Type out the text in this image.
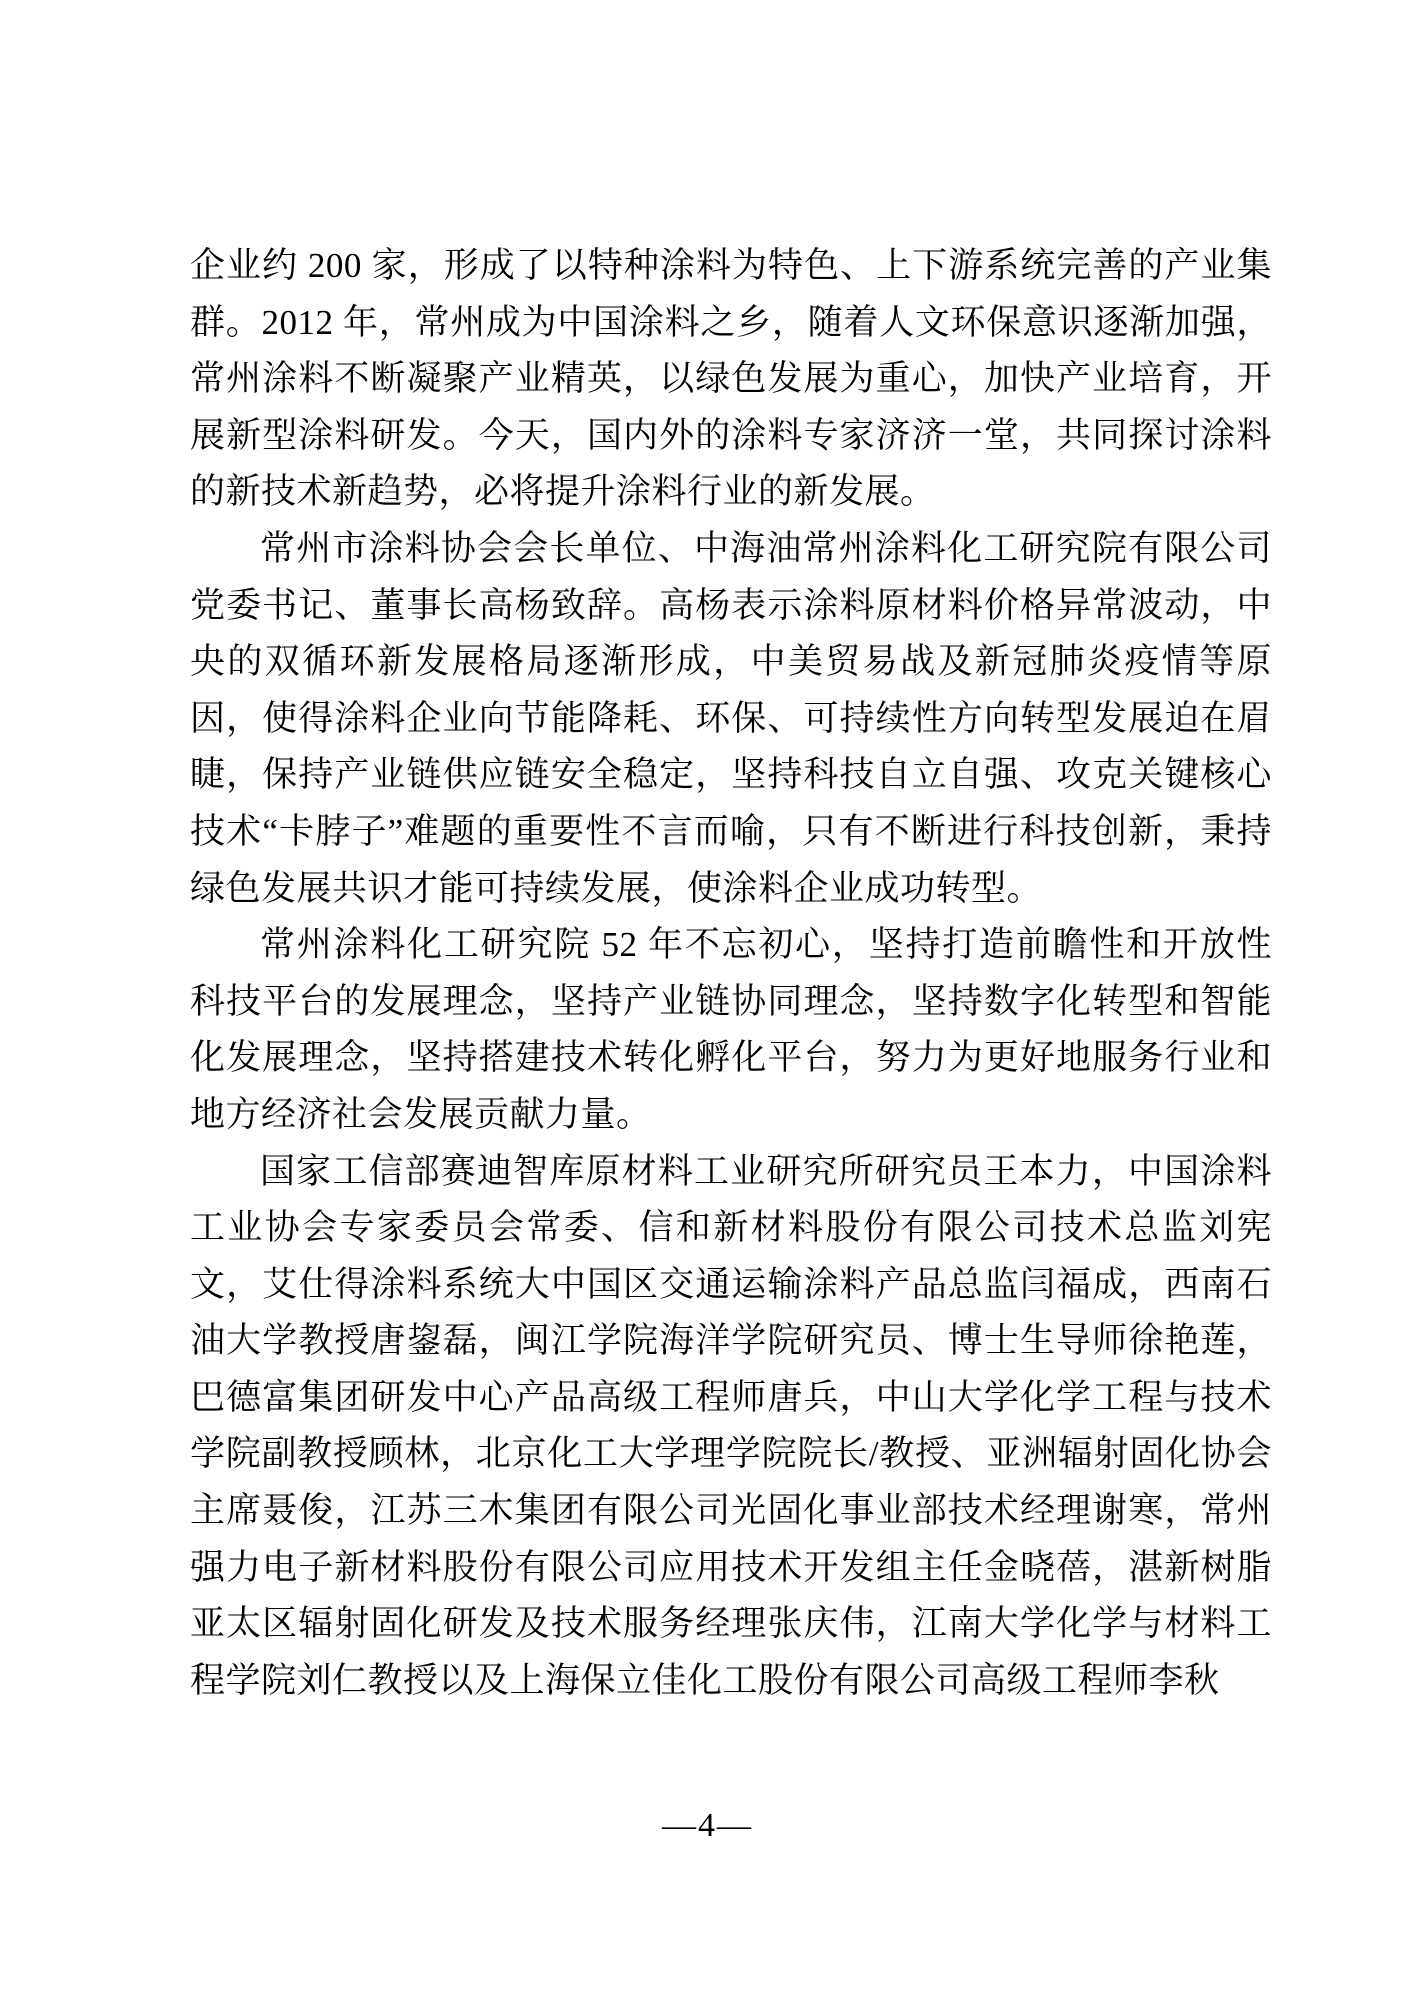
企业约 200 家，形成了以特种涂料为特色、上下游系统完善的产业集群。2012 年，常州成为中国涂料之乡，随着人文环保意识逐渐加强，常州涂料不断凝聚产业精英，以绿色发展为重心，加快产业培育，开展新型涂料研发。今天，国内外的涂料专家济济一堂，共同探讨涂料的新技术新趋势，必将提升涂料行业的新发展。

常州市涂料协会会长单位、中海油常州涂料化工研究院有限公司党委书记、董事长高杨致辞。高杨表示涂料原材料价格异常波动，中央的双循环新发展格局逐渐形成，中美贸易战及新冠肺炎疫情等原因，使得涂料企业向节能降耗、环保、可持续性方向转型发展迫在眉睫，保持产业链供应链安全稳定，坚持科技自立自强、攻克关键核心技术“卡脖子”难题的重要性不言而喻，只有不断进行科技创新，秉持绿色发展共识才能可持续发展，使涂料企业成功转型。

常州涂料化工研究院 52 年不忘初心，坚持打造前瞻性和开放性科技平台的发展理念，坚持产业链协同理念，坚持数字化转型和智能化发展理念，坚持搭建技术转化孵化平台，努力为更好地服务行业和地方经济社会发展贡献力量。

国家工信部赛迪智库原材料工业研究所研究员王本力，中国涂料工业协会专家委员会常委、信和新材料股份有限公司技术总监刘宪文，艾仕得涂料系统大中国区交通运输涂料产品总监闫福成，西南石油大学教授唐鋆磊，闽江学院海洋学院研究员、博士生导师徐艳莲，巴德富集团研发中心产品高级工程师唐兵，中山大学化学工程与技术学院副教授顾林，北京化工大学理学院院长/教授、亚洲辐射固化协会主席聂俊，江苏三木集团有限公司光固化事业部技术经理谢寒，常州强力电子新材料股份有限公司应用技术开发组主任金晓蓓，湛新树脂亚太区辐射固化研发及技术服务经理张庆伟，江南大学化学与材料工程学院刘仁教授以及上海保立佳化工股份有限公司高级工程师李秋

—4—
